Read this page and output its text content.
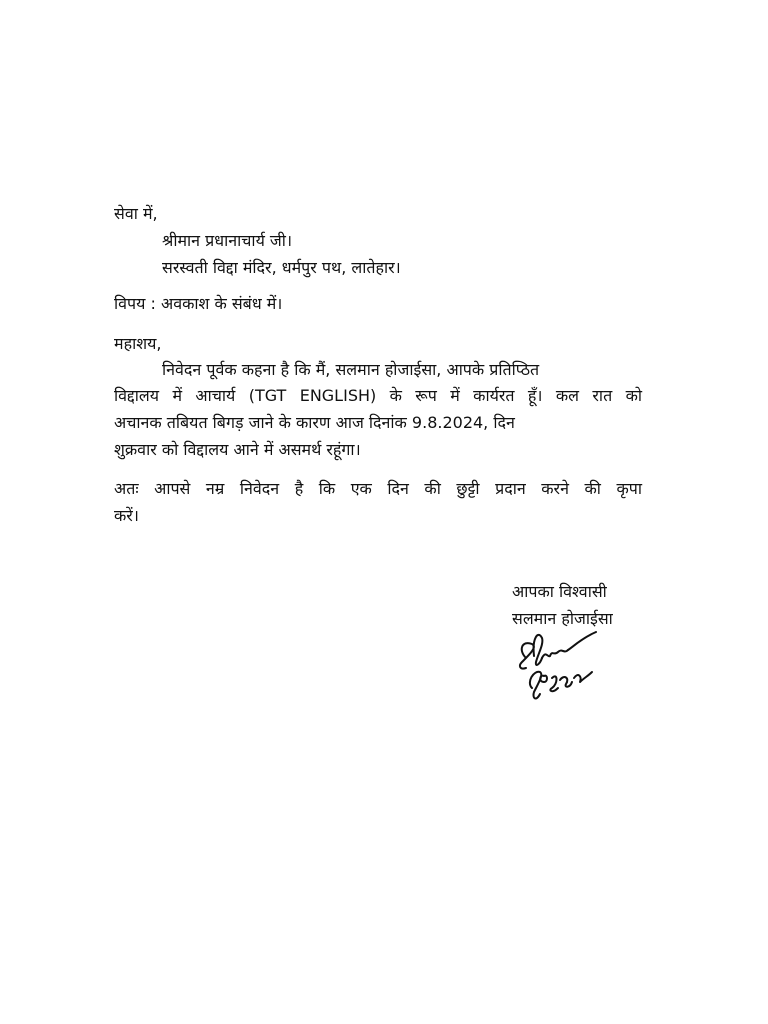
सेवा में,
श्रीमान प्रधानाचार्य जी।
सरस्वती विद्दा मंदिर, धर्मपुर पथ, लातेहार।
विपय : अवकाश के संबंध में।
महाशय,
निवेदन पूर्वक कहना है कि मैं, सलमान होजाईसा, आपके प्रतिप्ठित
विद्दालय में आचार्य (TGT ENGLISH) के रूप में कार्यरत हूँ। कल रात को
अचानक तबियत बिगड़ जाने के कारण आज दिनांक 9.8.2024, दिन
शुक्रवार को विद्दालय आने में असमर्थ रहूंगा।
अतः आपसे नम्र निवेदन है कि एक दिन की छुट्टी प्रदान करने की कृपा
करें।
आपका विश्वासी
सलमान होजाईसा
